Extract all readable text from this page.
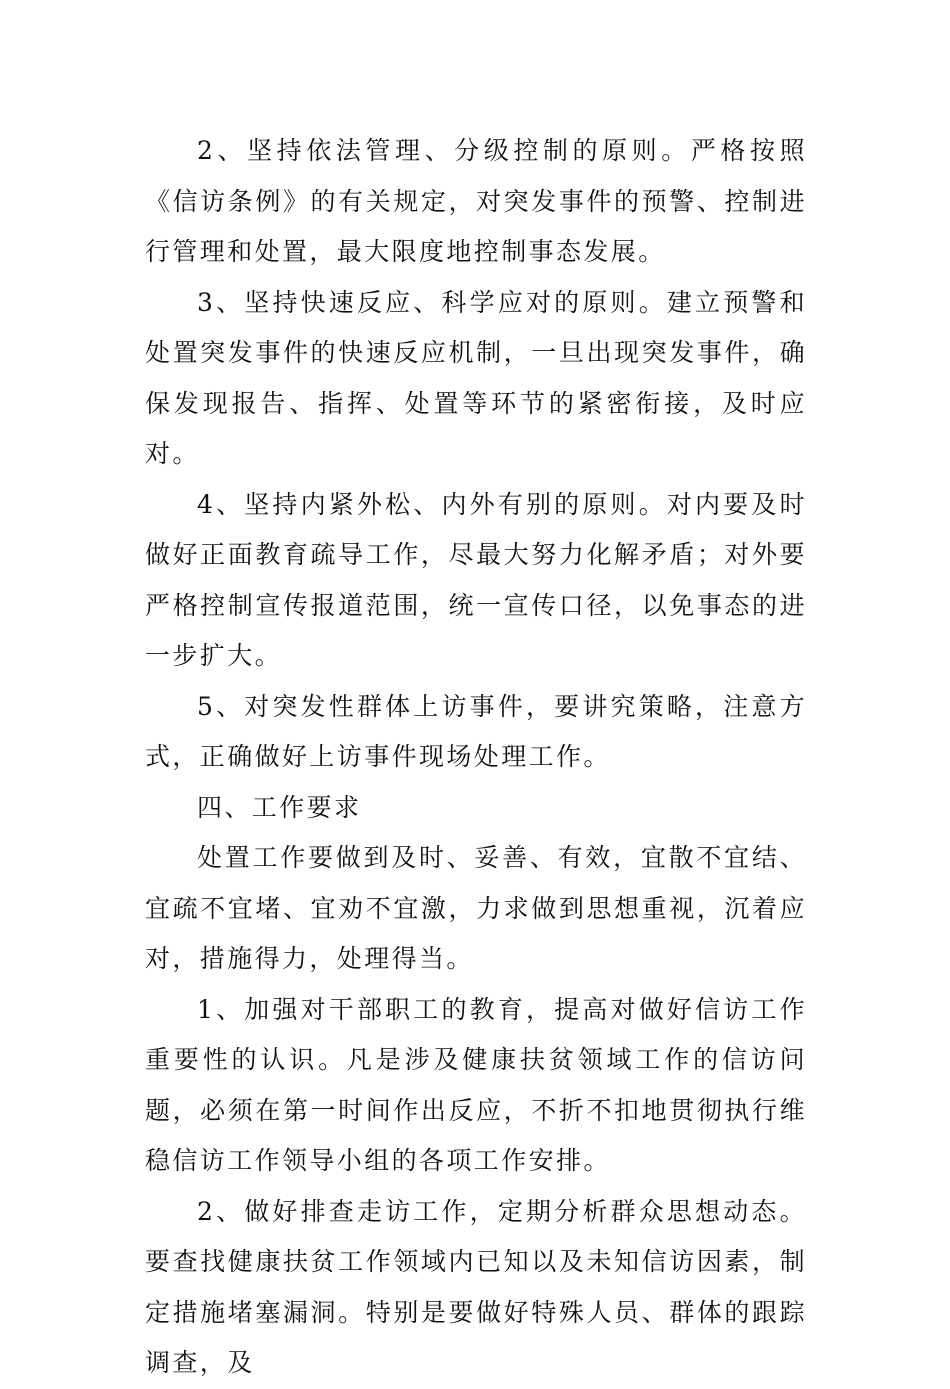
2、坚持依法管理、分级控制的原则。严格按照《信访条例》的有关规定，对突发事件的预警、控制进行管理和处置，最大限度地控制事态发展。

3、坚持快速反应、科学应对的原则。建立预警和处置突发事件的快速反应机制，一旦出现突发事件，确保发现报告、指挥、处置等环节的紧密衔接，及时应对。

4、坚持内紧外松、内外有别的原则。对内要及时做好正面教育疏导工作，尽最大努力化解矛盾；对外要严格控制宣传报道范围，统一宣传口径，以免事态的进一步扩大。

5、对突发性群体上访事件，要讲究策略，注意方式，正确做好上访事件现场处理工作。

四、工作要求

处置工作要做到及时、妥善、有效，宜散不宜结、宜疏不宜堵、宜劝不宜激，力求做到思想重视，沉着应对，措施得力，处理得当。

1、加强对干部职工的教育，提高对做好信访工作重要性的认识。凡是涉及健康扶贫领域工作的信访问题，必须在第一时间作出反应，不折不扣地贯彻执行维稳信访工作领导小组的各项工作安排。

2、做好排查走访工作，定期分析群众思想动态。要查找健康扶贫工作领域内已知以及未知信访因素，制定措施堵塞漏洞。特别是要做好特殊人员、群体的跟踪调查，及
